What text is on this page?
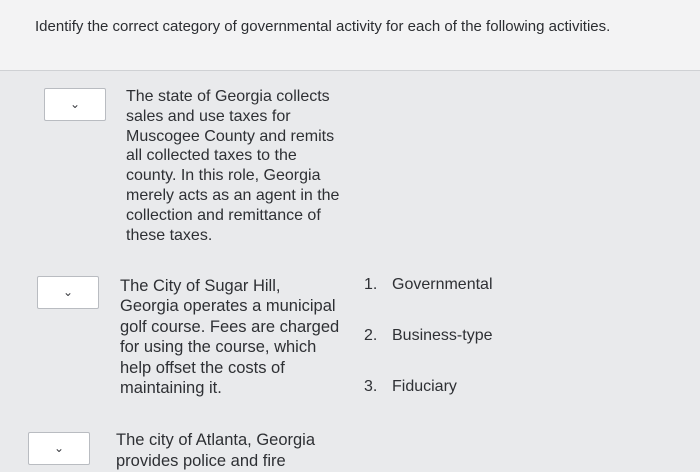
Identify the correct category of governmental activity for each of the following activities.
⌄	The state of Georgia collects sales and use taxes for Muscogee County and remits all collected taxes to the county. In this role, Georgia merely acts as an agent in the collection and remittance of these taxes.
⌄	The City of Sugar Hill, Georgia operates a municipal golf course. Fees are charged for using the course, which help offset the costs of maintaining it.
⌄	The city of Atlanta, Georgia provides police and fire
1. Governmental
2. Business-type
3. Fiduciary
